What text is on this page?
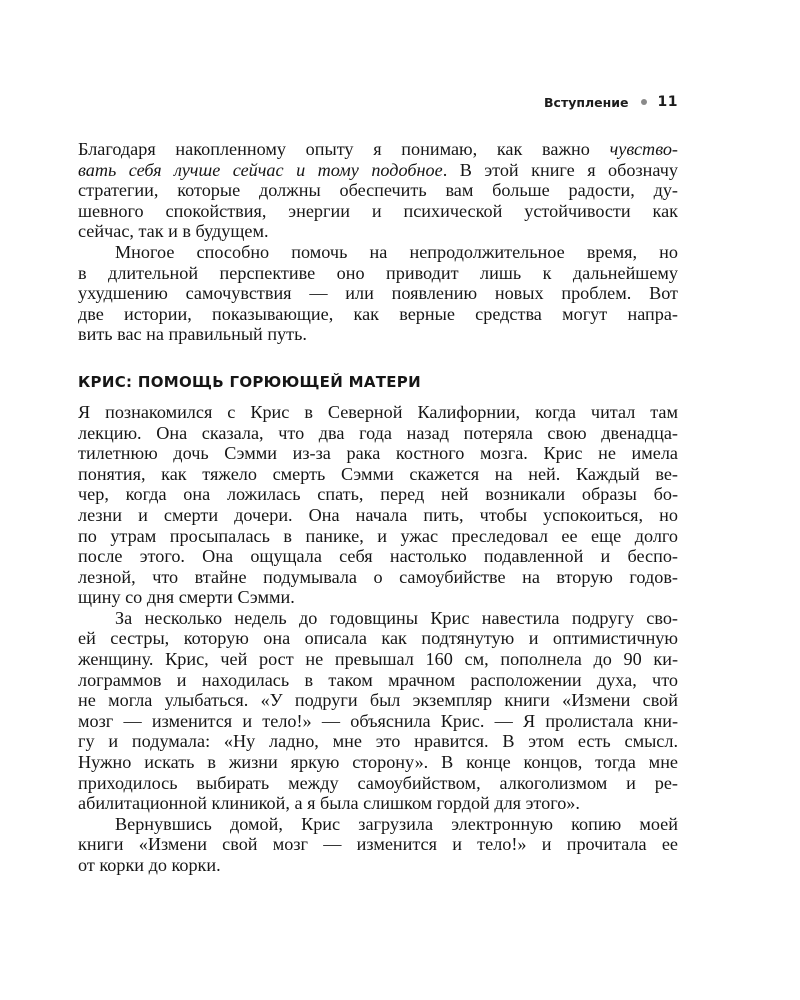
Вступление 11
Благодаря накопленному опыту я понимаю, как важно чувство-
вать себя лучше сейчас и тому подобное. В этой книге я обозначу
стратегии, которые должны обеспечить вам больше радости, ду-
шевного спокойствия, энергии и психической устойчивости как
сейчас, так и в будущем.
Многое способно помочь на непродолжительное время, но
в длительной перспективе оно приводит лишь к дальнейшему
ухудшению самочувствия — или появлению новых проблем. Вот
две истории, показывающие, как верные средства могут напра-
вить вас на правильный путь.
КРИС: ПОМОЩЬ ГОРЮЮЩЕЙ МАТЕРИ
Я познакомился с Крис в Северной Калифорнии, когда читал там
лекцию. Она сказала, что два года назад потеряла свою двенадца-
тилетнюю дочь Сэмми из-за рака костного мозга. Крис не имела
понятия, как тяжело смерть Сэмми скажется на ней. Каждый ве-
чер, когда она ложилась спать, перед ней возникали образы бо-
лезни и смерти дочери. Она начала пить, чтобы успокоиться, но
по утрам просыпалась в панике, и ужас преследовал ее еще долго
после этого. Она ощущала себя настолько подавленной и беспо-
лезной, что втайне подумывала о самоубийстве на вторую годов-
щину со дня смерти Сэмми.
За несколько недель до годовщины Крис навестила подругу сво-
ей сестры, которую она описала как подтянутую и оптимистичную
женщину. Крис, чей рост не превышал 160 см, пополнела до 90 ки-
лограммов и находилась в таком мрачном расположении духа, что
не могла улыбаться. «У подруги был экземпляр книги «Измени свой
мозг — изменится и тело!» — объяснила Крис. — Я пролистала кни-
гу и подумала: «Ну ладно, мне это нравится. В этом есть смысл.
Нужно искать в жизни яркую сторону». В конце концов, тогда мне
приходилось выбирать между самоубийством, алкоголизмом и ре-
абилитационной клиникой, а я была слишком гордой для этого».
Вернувшись домой, Крис загрузила электронную копию моей
книги «Измени свой мозг — изменится и тело!» и прочитала ее
от корки до корки.
